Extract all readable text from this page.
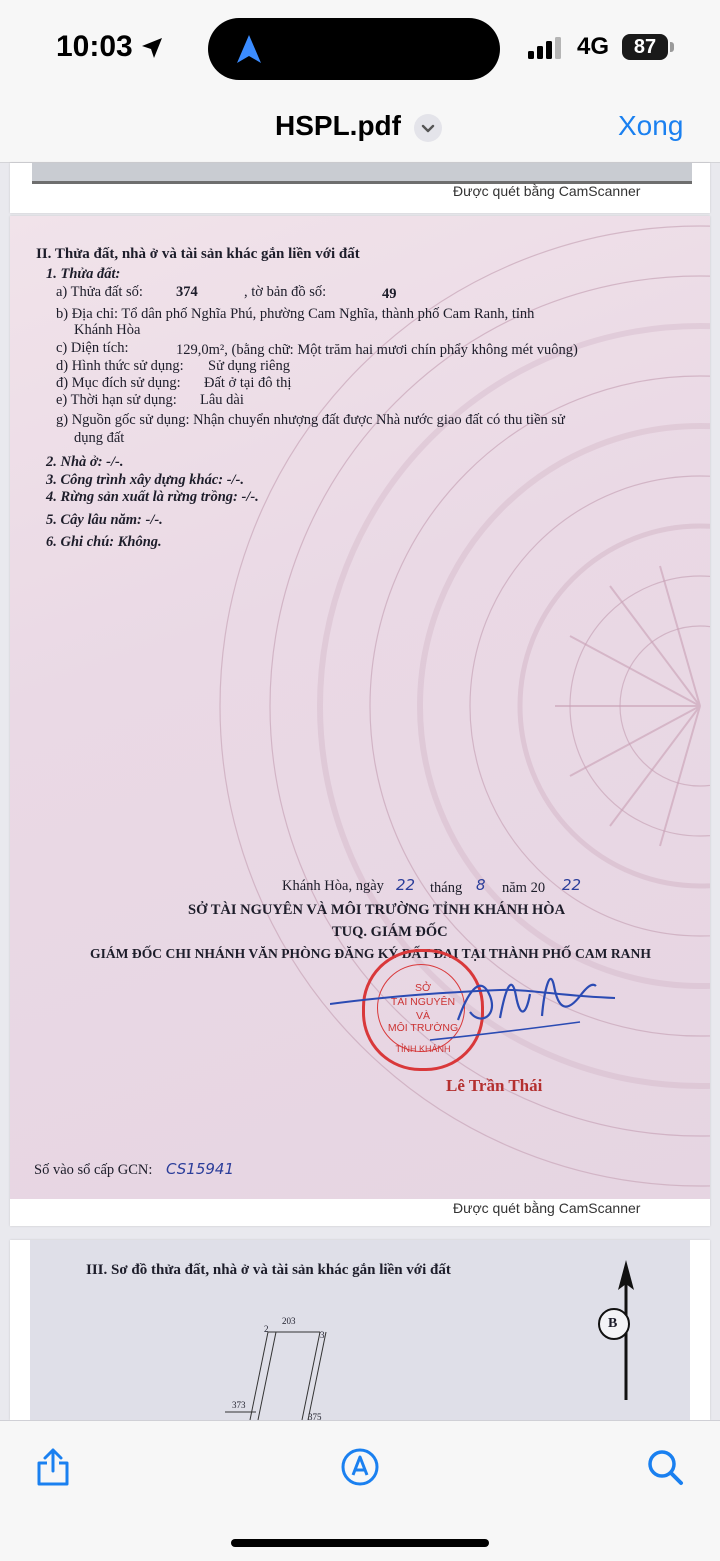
10:03	4G	87
HSPL.pdf	Xong
Được quét bằng CamScanner
II. Thửa đất, nhà ở và tài sản khác gắn liền với đất
1. Thửa đất:
a) Thửa đất số: 374	, tờ bản đồ số:	49
b) Địa chỉ: Tổ dân phố Nghĩa Phú, phường Cam Nghĩa, thành phố Cam Ranh, tỉnh
Khánh Hòa
c) Diện tích:	129,0m², (bằng chữ: Một trăm hai mươi chín phẩy không mét vuông)
d) Hình thức sử dụng: Sử dụng riêng
đ) Mục đích sử dụng: Đất ở tại đô thị
e) Thời hạn sử dụng: Lâu dài
g) Nguồn gốc sử dụng: Nhận chuyển nhượng đất được Nhà nước giao đất có thu tiền sử
dụng đất
2. Nhà ở: -/-.
3. Công trình xây dựng khác: -/-.
4. Rừng sản xuất là rừng trồng: -/-.
5. Cây lâu năm: -/-.
6. Ghi chú: Không.
Khánh Hòa, ngày 22 tháng 8 năm 20 22
SỞ TÀI NGUYÊN VÀ MÔI TRƯỜNG TỈNH KHÁNH HÒA
TUQ. GIÁM ĐỐC
GIÁM ĐỐC CHI NHÁNH VĂN PHÒNG ĐĂNG KÝ ĐẤT ĐAI TẠI THÀNH PHỐ CAM RANH
SỞ
TÀI NGUYÊN
VÀ
MÔI TRƯỜNG
TỈNH KHÁNH
Lê Trần Thái
Số vào sổ cấp GCN: CS15941
Được quét bằng CamScanner
III. Sơ đồ thửa đất, nhà ở và tài sản khác gắn liền với đất
203
2
3
373
375
B
